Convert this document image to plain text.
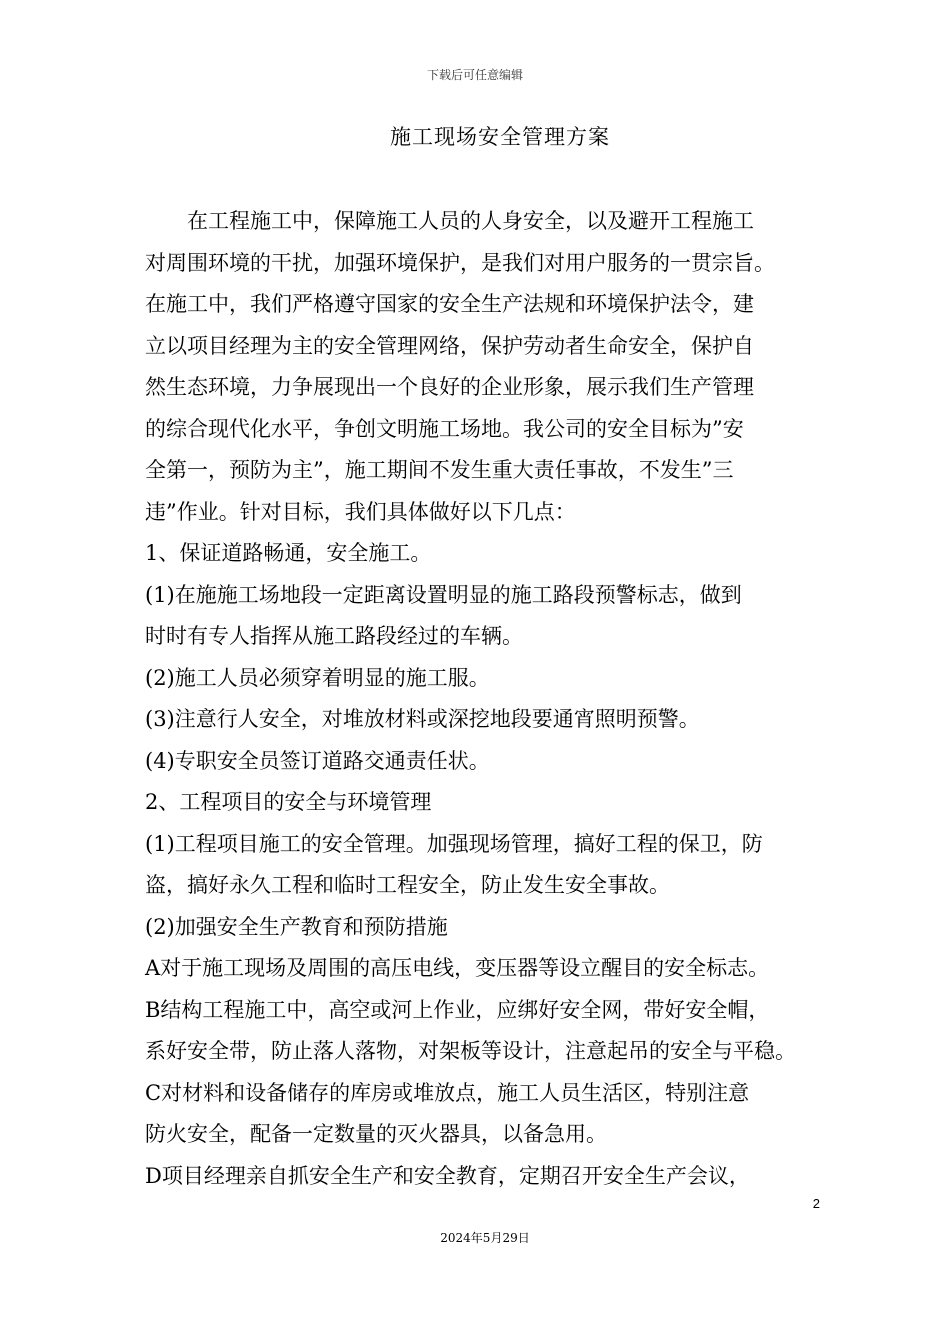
下载后可任意编辑
施工现场安全管理方案
在工程施工中，保障施工人员的人身安全，以及避开工程施工
对周围环境的干扰，加强环境保护，是我们对用户服务的一贯宗旨。
在施工中，我们严格遵守国家的安全生产法规和环境保护法令，建
立以项目经理为主的安全管理网络，保护劳动者生命安全，保护自
然生态环境，力争展现出一个良好的企业形象，展示我们生产管理
的综合现代化水平，争创文明施工场地。我公司的安全目标为”安
全第一，预防为主”，施工期间不发生重大责任事故，不发生”三
违”作业。针对目标，我们具体做好以下几点：
1、保证道路畅通，安全施工。
(1)在施施工场地段一定距离设置明显的施工路段预警标志，做到
时时有专人指挥从施工路段经过的车辆。
(2)施工人员必须穿着明显的施工服。
(3)注意行人安全，对堆放材料或深挖地段要通宵照明预警。
(4)专职安全员签订道路交通责任状。
2、工程项目的安全与环境管理
(1)工程项目施工的安全管理。加强现场管理，搞好工程的保卫，防
盗，搞好永久工程和临时工程安全，防止发生安全事故。
(2)加强安全生产教育和预防措施
A对于施工现场及周围的高压电线，变压器等设立醒目的安全标志。
B结构工程施工中，高空或河上作业，应绑好安全网，带好安全帽，
系好安全带，防止落人落物，对架板等设计，注意起吊的安全与平稳。
C对材料和设备储存的库房或堆放点，施工人员生活区，特别注意
防火安全，配备一定数量的灭火器具，以备急用。
D项目经理亲自抓安全生产和安全教育，定期召开安全生产会议，
2
2024年5月29日
